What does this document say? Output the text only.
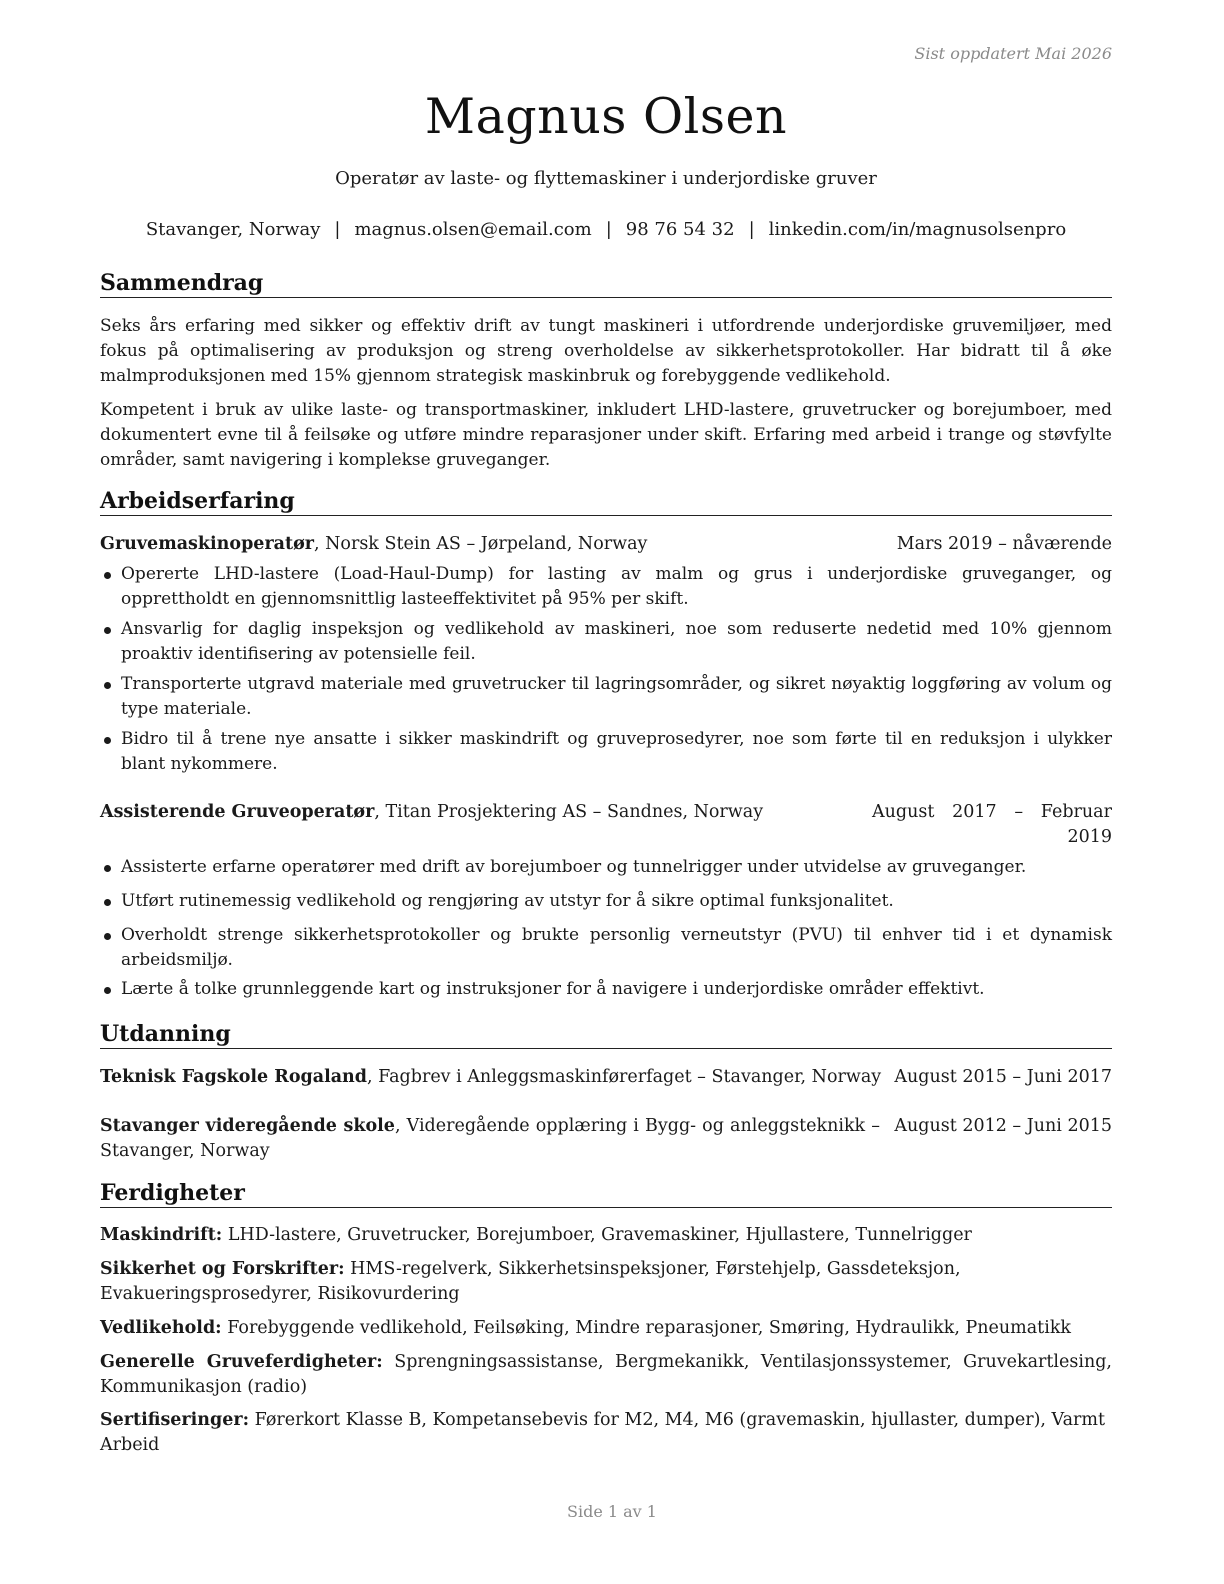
Sist oppdatert Mai 2026
Magnus Olsen
Operatør av laste- og flyttemaskiner i underjordiske gruver
Stavanger, Norway | magnus.olsen@email.com | 98 76 54 32 | linkedin.com/in/magnusolsenpro
Sammendrag
Seks års erfaring med sikker og effektiv drift av tungt maskineri i utfordrende underjordiske gruvemiljøer, med fokus på optimalisering av produksjon og streng overholdelse av sikkerhetsprotokoller. Har bidratt til å øke malmproduksjonen med 15% gjennom strategisk maskinbruk og forebyggende vedlikehold.
Kompetent i bruk av ulike laste- og transportmaskiner, inkludert LHD-lastere, gruvetrucker og borejumboer, med dokumentert evne til å feilsøke og utføre mindre reparasjoner under skift. Erfaring med arbeid i trange og støvfylte områder, samt navigering i komplekse gruveganger.
Arbeidserfaring
Gruvemaskinoperatør, Norsk Stein AS – Jørpeland, Norway	Mars 2019 – nåværende
Opererte LHD-lastere (Load-Haul-Dump) for lasting av malm og grus i underjordiske gruveganger, og opprettholdt en gjennomsnittlig lasteeffektivitet på 95% per skift.
Ansvarlig for daglig inspeksjon og vedlikehold av maskineri, noe som reduserte nedetid med 10% gjennom proaktiv identifisering av potensielle feil.
Transporterte utgravd materiale med gruvetrucker til lagringsområder, og sikret nøyaktig loggføring av volum og type materiale.
Bidro til å trene nye ansatte i sikker maskindrift og gruveprosedyrer, noe som førte til en reduksjon i ulykker blant nykommere.
Assisterende Gruveoperatør, Titan Prosjektering AS – Sandnes, Norway	August 2017 – Februar 2019
Assisterte erfarne operatører med drift av borejumboer og tunnelrigger under utvidelse av gruveganger.
Utført rutinemessig vedlikehold og rengjøring av utstyr for å sikre optimal funksjonalitet.
Overholdt strenge sikkerhetsprotokoller og brukte personlig verneutstyr (PVU) til enhver tid i et dynamisk arbeidsmiljø.
Lærte å tolke grunnleggende kart og instruksjoner for å navigere i underjordiske områder effektivt.
Utdanning
Teknisk Fagskole Rogaland, Fagbrev i Anleggsmaskinførerfaget – Stavanger, Norway August 2015 – Juni 2017
Stavanger videregående skole, Videregående opplæring i Bygg- og anleggsteknikk – Stavanger, Norway
August 2012 – Juni 2015
Ferdigheter
Maskindrift: LHD-lastere, Gruvetrucker, Borejumboer, Gravemaskiner, Hjullastere, Tunnelrigger
Sikkerhet og Forskrifter: HMS-regelverk, Sikkerhetsinspeksjoner, Førstehjelp, Gassdeteksjon, Evakueringsprosedyrer, Risikovurdering
Vedlikehold: Forebyggende vedlikehold, Feilsøking, Mindre reparasjoner, Smøring, Hydraulikk, Pneumatikk
Generelle Gruveferdigheter: Sprengningsassistanse, Bergmekanikk, Ventilasjonssystemer, Gruvekartlesing, Kommunikasjon (radio)
Sertifiseringer: Førerkort Klasse B, Kompetansebevis for M2, M4, M6 (gravemaskin, hjullaster, dumper), Varmt Arbeid
Side 1 av 1
